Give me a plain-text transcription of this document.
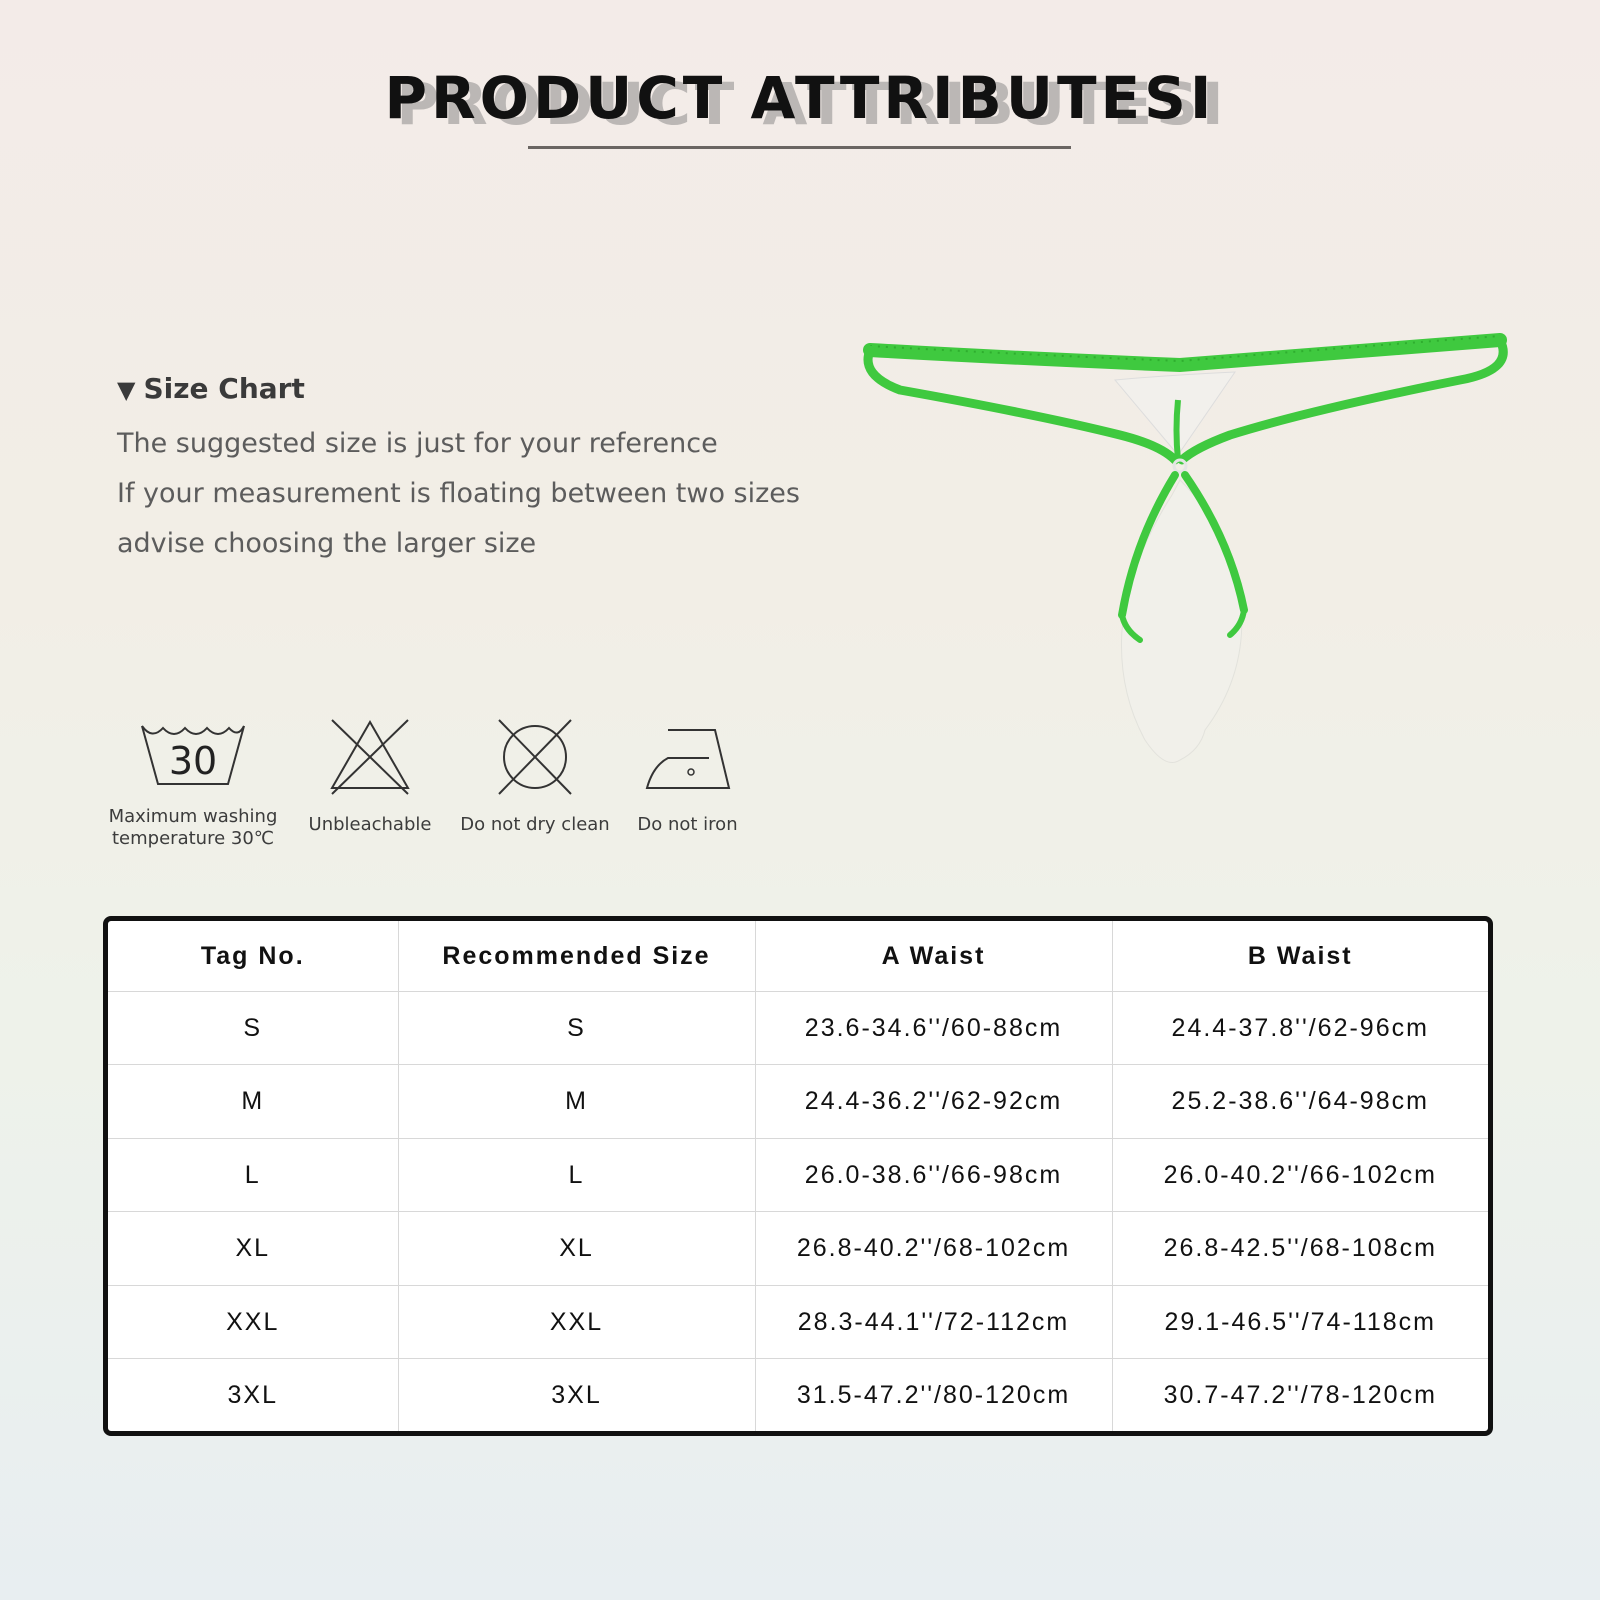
PRODUCT ATTRIBUTESI
▼ Size Chart
The suggested size is just for your reference
If your measurement is floating between two sizes
advise choosing the larger size
30
Maximum washing
temperature 30℃
Unbleachable	Do not dry clean	Do not iron
Tag No.	Recommended Size	A Waist	B Waist
S	S	23.6-34.6''/60-88cm	24.4-37.8''/62-96cm
M	M	24.4-36.2''/62-92cm	25.2-38.6''/64-98cm
L	L	26.0-38.6''/66-98cm	26.0-40.2''/66-102cm
XL	XL	26.8-40.2''/68-102cm	26.8-42.5''/68-108cm
XXL	XXL	28.3-44.1''/72-112cm	29.1-46.5''/74-118cm
3XL	3XL	31.5-47.2''/80-120cm	30.7-47.2''/78-120cm
